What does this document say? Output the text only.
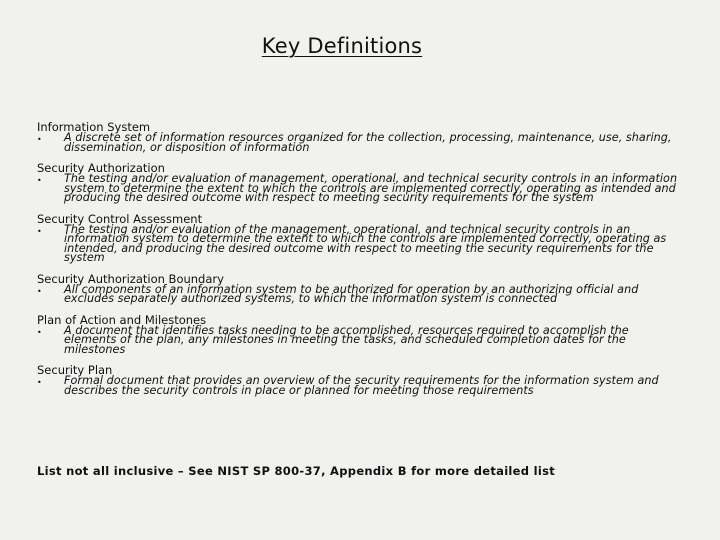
Key Definitions
Information System
•	A discrete set of information resources organized for the collection, processing, maintenance, use, sharing, dissemination, or disposition of information
Security Authorization
•	The testing and/or evaluation of management, operational, and technical security controls in an information system to determine the extent to which the controls are implemented correctly, operating as intended and producing the desired outcome with respect to meeting security requirements for the system
Security Control Assessment
•	The testing and/or evaluation of the management, operational, and technical security controls in an information system to determine the extent to which the controls are implemented correctly, operating as intended, and producing the desired outcome with respect to meeting the security requirements for the system
Security Authorization Boundary
•	All components of an information system to be authorized for operation by an authorizing official and excludes separately authorized systems, to which the information system is connected
Plan of Action and Milestones
•	A document that identifies tasks needing to be accomplished, resources required to accomplish the elements of the plan, any milestones in meeting the tasks, and scheduled completion dates for the milestones
Security Plan
•	Formal document that provides an overview of the security requirements for the information system and describes the security controls in place or planned for meeting those requirements
List not all inclusive – See NIST SP 800-37, Appendix B for more detailed list
